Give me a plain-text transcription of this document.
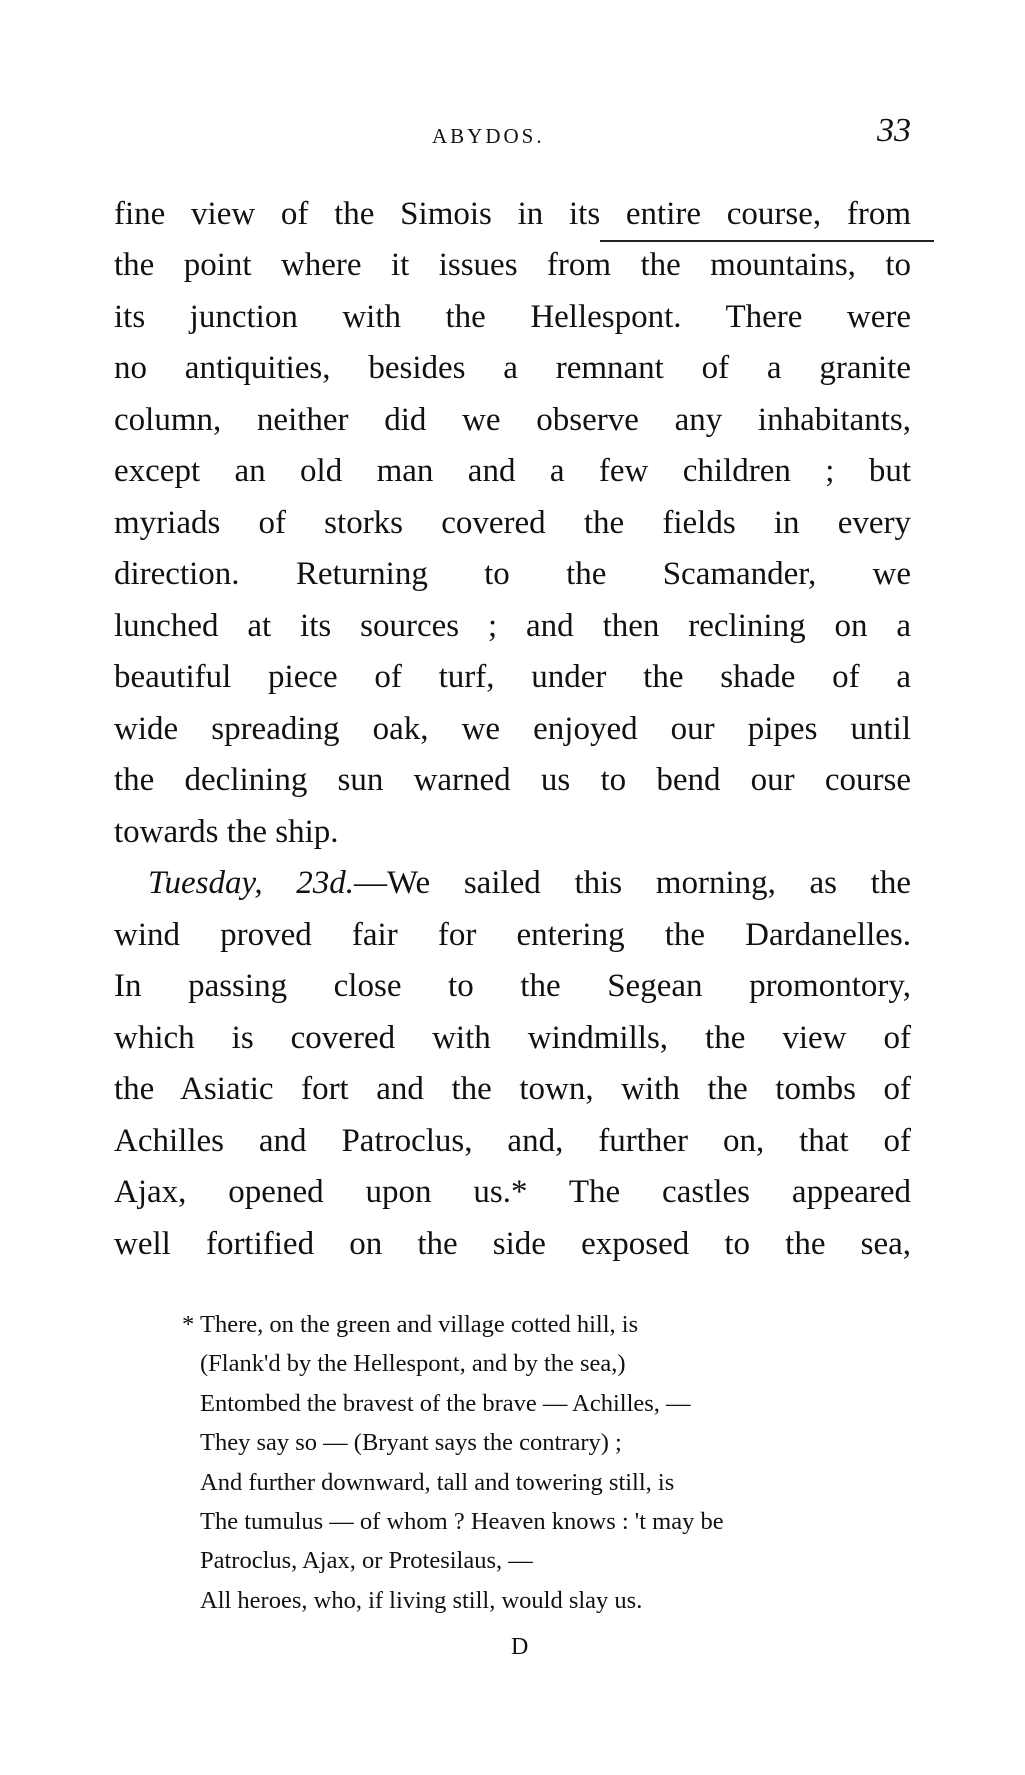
ABYDOS.	33
fine view of the Simois in its entire course, from
the point where it issues from the mountains, to
its junction with the Hellespont. There were
no antiquities, besides a remnant of a granite
column, neither did we observe any inhabitants,
except an old man and a few children ; but
myriads of storks covered the fields in every
direction. Returning to the Scamander, we
lunched at its sources ; and then reclining on a
beautiful piece of turf, under the shade of a
wide spreading oak, we enjoyed our pipes until
the declining sun warned us to bend our course
towards the ship.
Tuesday, 23d.—We sailed this morning, as the
wind proved fair for entering the Dardanelles.
In passing close to the Segean promontory,
which is covered with windmills, the view of
the Asiatic fort and the town, with the tombs of
Achilles and Patroclus, and, further on, that of
Ajax, opened upon us.* The castles appeared
well fortified on the side exposed to the sea,
* There, on the green and village cotted hill, is
(Flank'd by the Hellespont, and by the sea,)
Entombed the bravest of the brave — Achilles, —
They say so — (Bryant says the contrary) ;
And further downward, tall and towering still, is
The tumulus — of whom ? Heaven knows : 't may be
Patroclus, Ajax, or Protesilaus, —
All heroes, who, if living still, would slay us.
D
